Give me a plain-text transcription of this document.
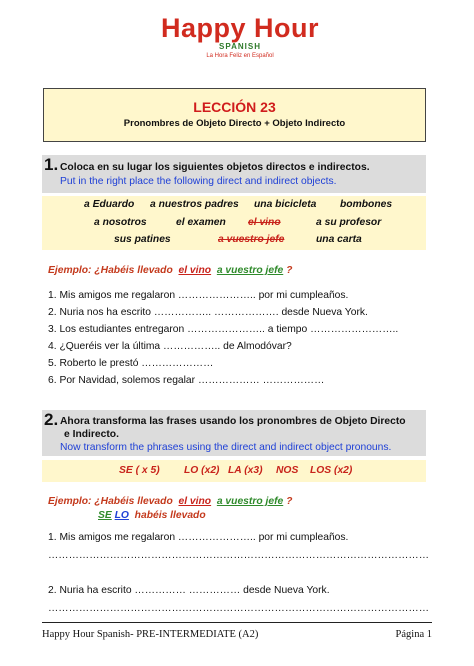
Happy Hour
SPANISH
La Hora Feliz en Español
LECCIÓN 23
Pronombres de Objeto Directo + Objeto Indirecto
1. Coloca en su lugar los siguientes objetos directos e indirectos.
Put in the right place the following direct and indirect objects.
a Eduardo a nuestros padres una bicicleta bombones
a nosotros	el examen el vino	a su profesor
sus patines	a vuestro jefe	una carta
Ejemplo: ¿Habéis llevado el vino a vuestro jefe ?
1. Mis amigos me regalaron ………………….. por mi cumpleaños.
2. Nuria nos ha escrito …………….. ………………. desde Nueva York.
3. Los estudiantes entregaron ………………….. a tiempo ……………………..
4. ¿Queréis ver la última …………….. de Almodóvar?
5. Roberto le prestó …………………
6. Por Navidad, solemos regalar ……………… ………………
2. Ahora transforma las frases usando los pronombres de Objeto Directo
e Indirecto.
Now transform the phrases using the direct and indirect object pronouns.
SE ( x 5) LO (x2) LA (x3) NOS LOS (x2)
Ejemplo: ¿Habéis llevado el vino a vuestro jefe ?
SE LO habéis llevado
1. Mis amigos me regalaron ………………….. por mi cumpleaños.
…………………………………………………………………………………………………
2. Nuria ha escrito …………… …………… desde Nueva York.
…………………………………………………………………………………………………
Happy Hour Spanish- PRE-INTERMEDIATE (A2)	Página 1
